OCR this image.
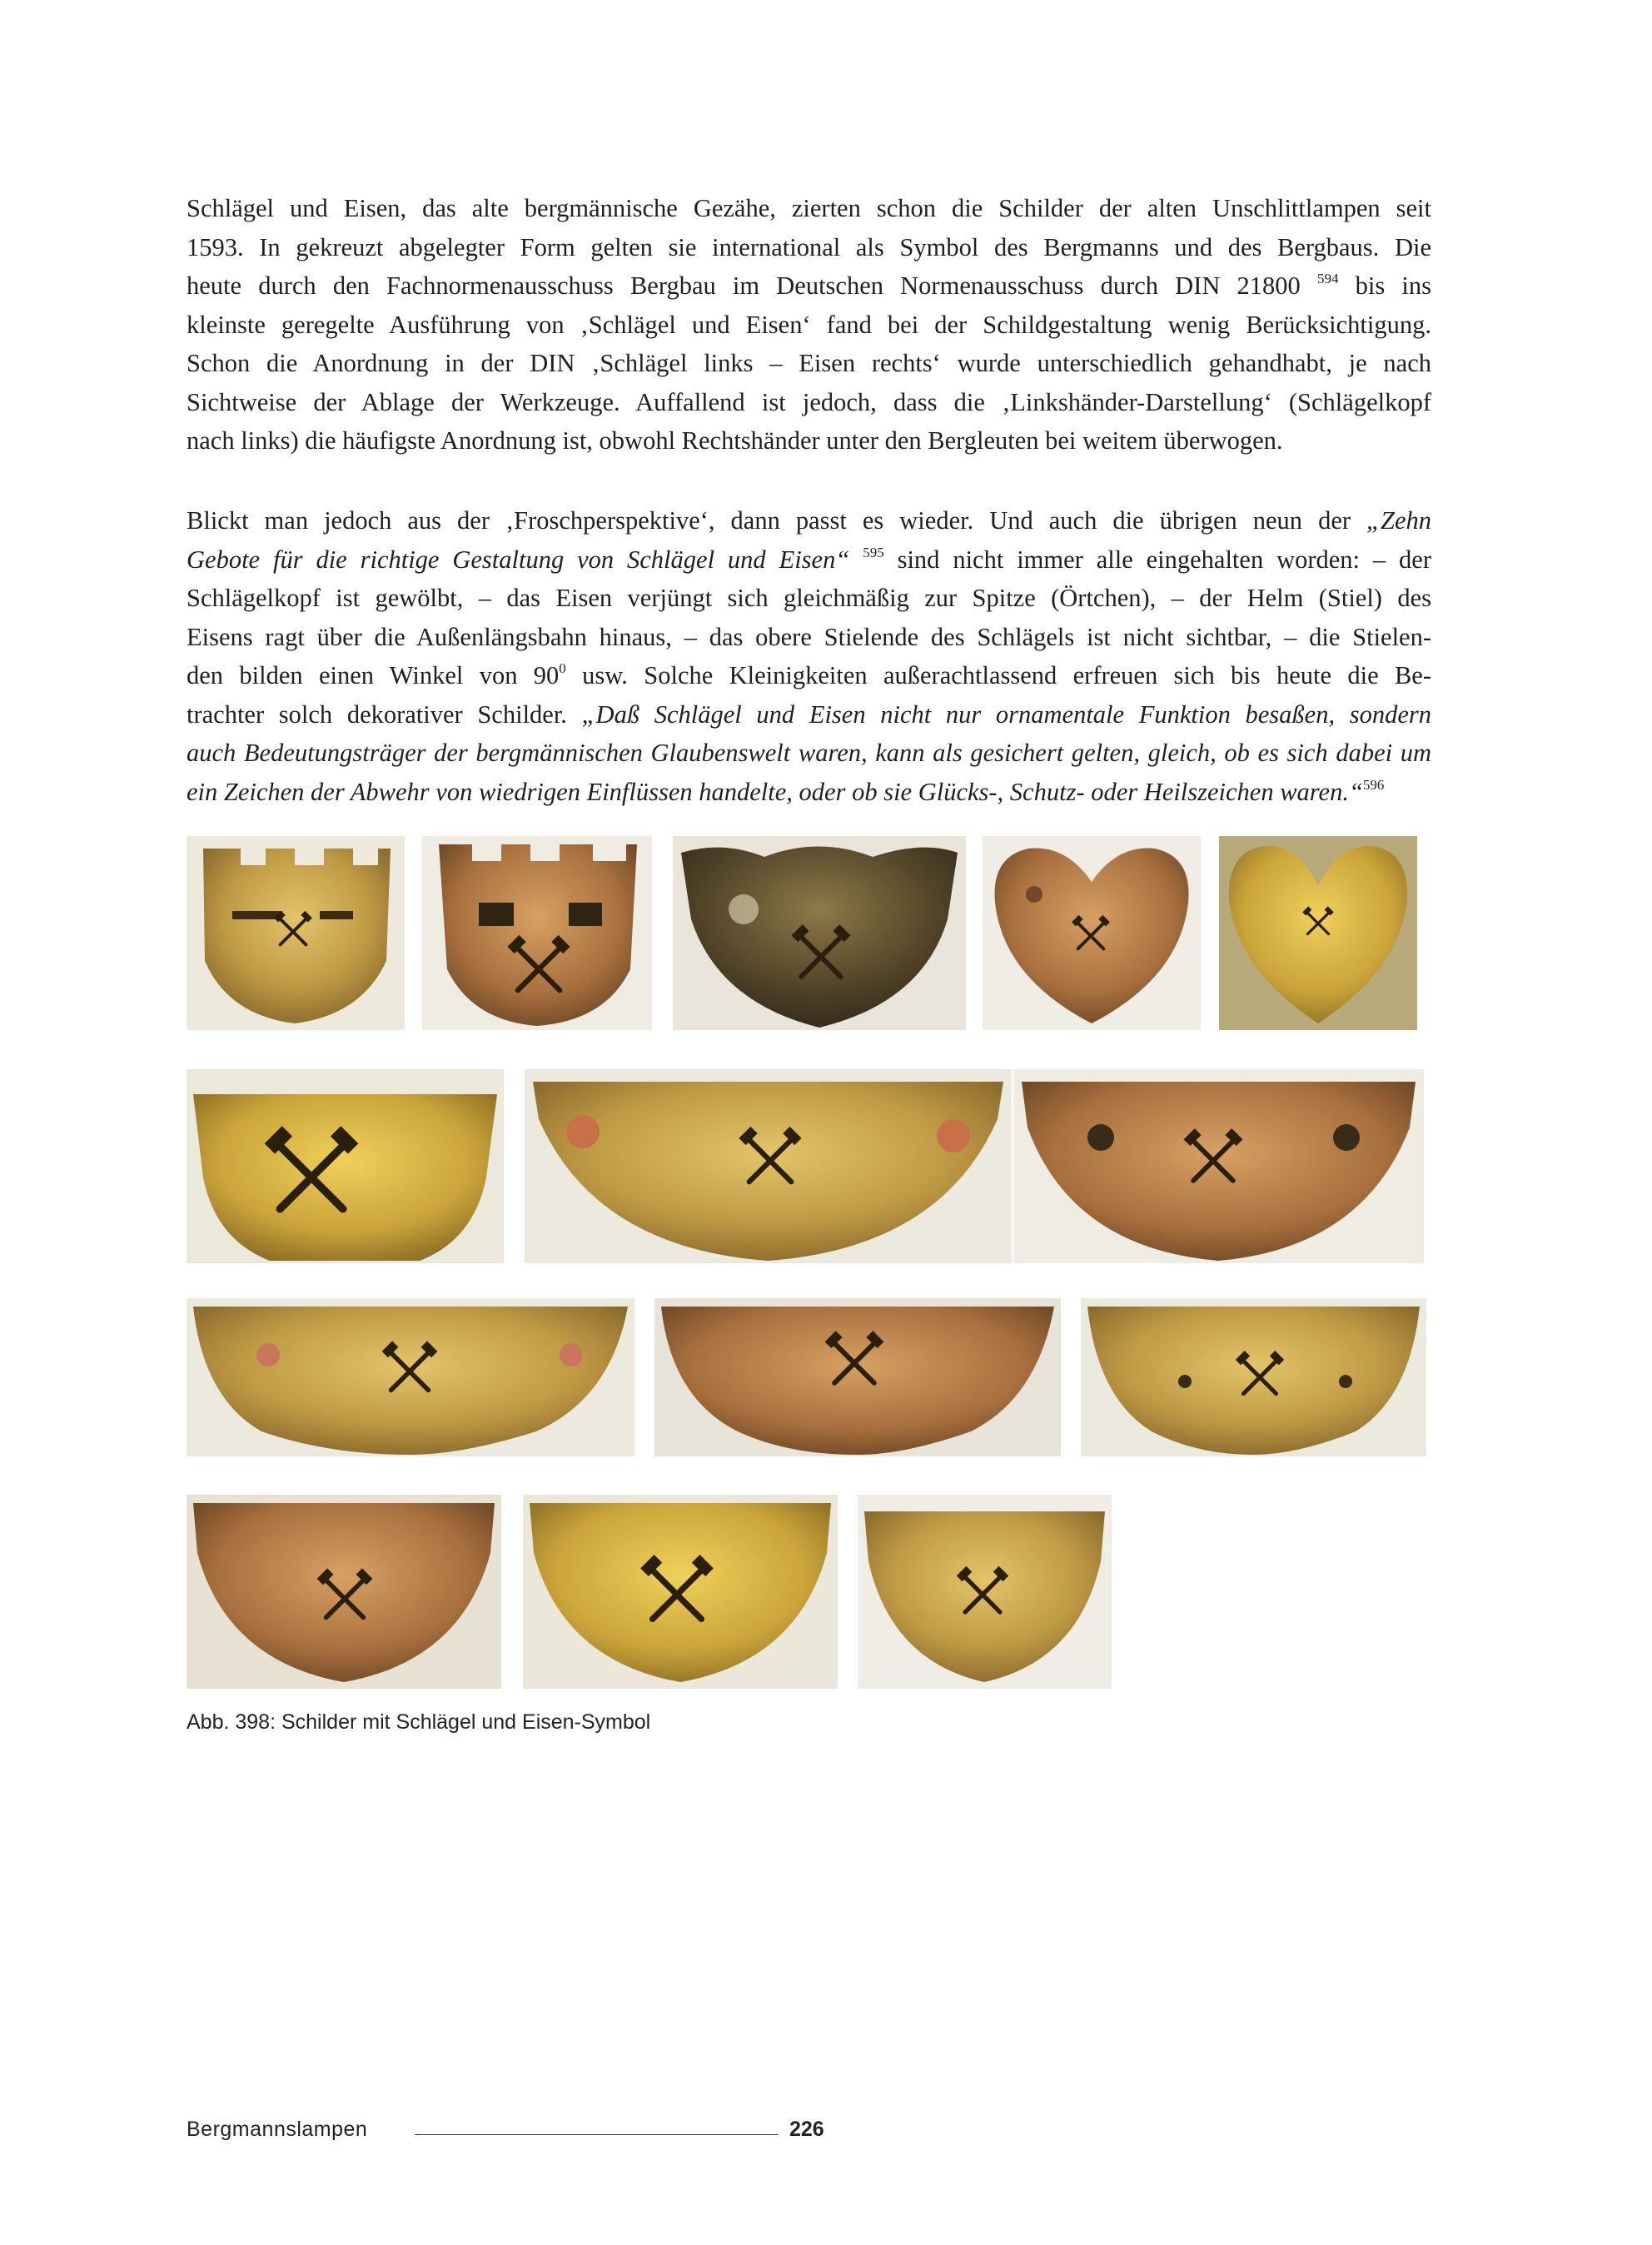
Schlägel und Eisen, das alte bergmännische Gezähe, zierten schon die Schilder der alten Unschlittlampen seit
1593. In gekreuzt abgelegter Form gelten sie international als Symbol des Bergmanns und des Bergbaus. Die
heute durch den Fachnormenausschuss Bergbau im Deutschen Normenausschuss durch DIN 21800 $^{594}$ bis ins
kleinste geregelte Ausführung von ‚Schlägel und Eisen‘ fand bei der Schildgestaltung wenig Berücksichtigung.
Schon die Anordnung in der DIN ‚Schlägel links – Eisen rechts‘ wurde unterschiedlich gehandhabt, je nach
Sichtweise der Ablage der Werkzeuge. Auffallend ist jedoch, dass die ‚Linkshänder-Darstellung‘ (Schlägelkopf
nach links) die häufigste Anordnung ist, obwohl Rechtshänder unter den Bergleuten bei weitem überwogen.
Blickt man jedoch aus der ‚Froschperspektive‘, dann passt es wieder. Und auch die übrigen neun der „Zehn
Gebote für die richtige Gestaltung von Schlägel und Eisen“ $^{595}$ sind nicht immer alle eingehalten worden: – der
Schlägelkopf ist gewölbt, – das Eisen verjüngt sich gleichmäßig zur Spitze (Örtchen), – der Helm (Stiel) des
Eisens ragt über die Außenlängsbahn hinaus, – das obere Stielende des Schlägels ist nicht sichtbar, – die Stielen-
den bilden einen Winkel von $90^0$ usw. Solche Kleinigkeiten außerachtlassend erfreuen sich bis heute die Be-
trachter solch dekorativer Schilder. „Daß Schlägel und Eisen nicht nur ornamentale Funktion besaßen, sondern
auch Bedeutungsträger der bergmännischen Glaubenswelt waren, kann als gesichert gelten, gleich, ob es sich dabei um
ein Zeichen der Abwehr von wiedrigen Einflüssen handelte, oder ob sie Glücks-, Schutz- oder Heilszeichen waren.“$^{596}$
Abb. 398: Schilder mit Schlägel und Eisen-Symbol
Bergmannslampen	226
